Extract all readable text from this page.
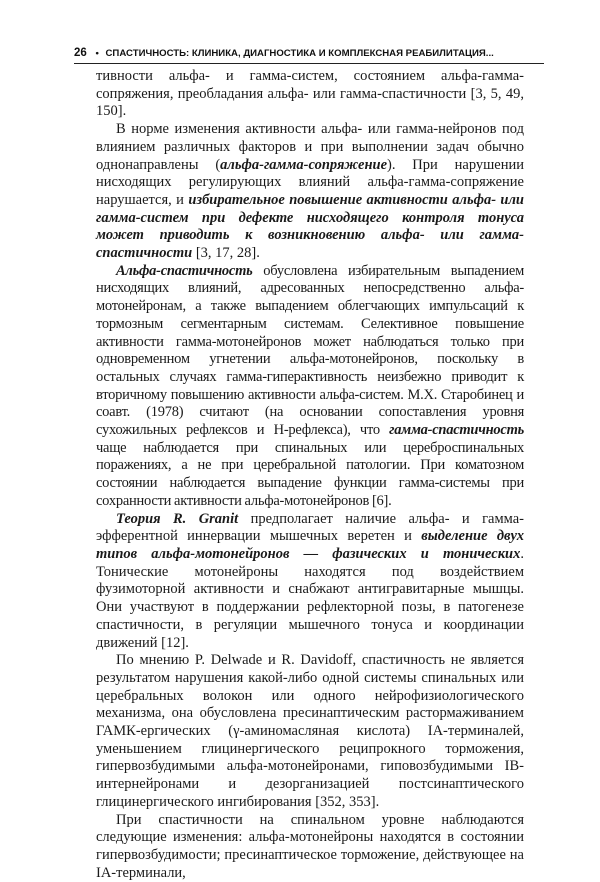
26 • СПАСТИЧНОСТЬ: КЛИНИКА, ДИАГНОСТИКА И КОМПЛЕКСНАЯ РЕАБИЛИТАЦИЯ...

тивности альфа- и гамма-систем, состоянием альфа-гамма-сопряжения, преобладания альфа- или гамма-спастичности [3, 5, 49, 150].

В норме изменения активности альфа- или гамма-нейронов под влиянием различных факторов и при выполнении задач обычно однонаправлены (альфа-гамма-сопряжение). При нарушении нисходящих регулирующих влияний альфа-гамма-сопряжение нарушается, и избирательное повышение активности альфа- или гамма-систем при дефекте нисходящего контроля тонуса может приводить к возникновению альфа- или гамма-спастичности [3, 17, 28].

Альфа-спастичность обусловлена избирательным выпадением нисходящих влияний, адресованных непосредственно альфа-мотонейронам, а также выпадением облегчающих импульсаций к тормозным сегментарным системам. Селективное повышение активности гамма-мотонейронов может наблюдаться только при одновременном угнетении альфа-мотонейронов, поскольку в остальных случаях гамма-гиперактивность неизбежно приводит к вторичному повышению активности альфа-систем. М.Х. Старобинец и соавт. (1978) считают (на основании сопоставления уровня сухожильных рефлексов и Н-рефлекса), что гамма-спастичность чаще наблюдается при спинальных или цереброспинальных поражениях, а не при церебральной патологии. При коматозном состоянии наблюдается выпадение функции гамма-системы при сохранности активности альфа-мотонейронов [6].

Теория R. Granit предполагает наличие альфа- и гамма-эфферентной иннервации мышечных веретен и выделение двух типов альфа-мотонейронов — фазических и тонических. Тонические мотонейроны находятся под воздействием фузимоторной активности и снабжают антигравитарные мышцы. Они участвуют в поддержании рефлекторной позы, в патогенезе спастичности, в регуляции мышечного тонуса и координации движений [12].

По мнению P. Delwade и R. Davidoff, спастичность не является результатом нарушения какой-либо одной системы спинальных или церебральных волокон или одного нейрофизиологического механизма, она обусловлена пресинаптическим растормаживанием ГАМК-ергических (γ-аминомасляная кислота) IA-терминалей, уменьшением глицинергического реципрокного торможения, гипервозбудимыми альфа-мотонейронами, гиповозбудимыми IB-интернейронами и дезорганизацией постсинаптического глицинергического ингибирования [352, 353].

При спастичности на спинальном уровне наблюдаются следующие изменения: альфа-мотонейроны находятся в состоянии гипервозбудимости; пресинаптическое торможение, действующее на IA-терминали,
